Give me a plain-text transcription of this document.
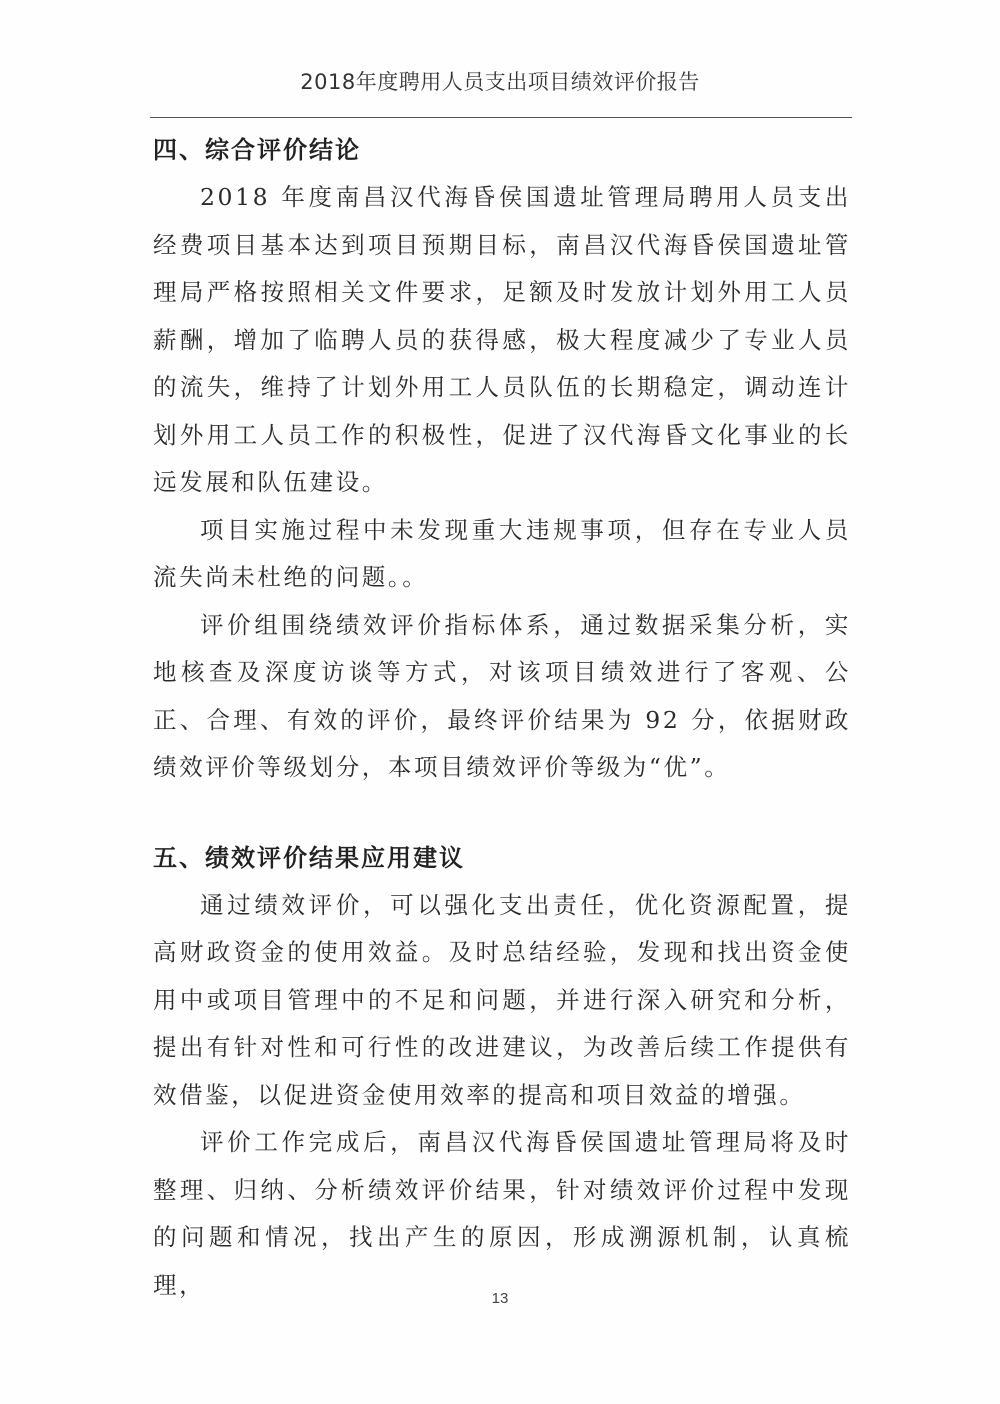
2018年度聘用人员支出项目绩效评价报告
四、综合评价结论

2018 年度南昌汉代海昏侯国遗址管理局聘用人员支出经费项目基本达到项目预期目标，南昌汉代海昏侯国遗址管理局严格按照相关文件要求，足额及时发放计划外用工人员薪酬，增加了临聘人员的获得感，极大程度减少了专业人员的流失，维持了计划外用工人员队伍的长期稳定，调动连计划外用工人员工作的积极性，促进了汉代海昏文化事业的长远发展和队伍建设。

项目实施过程中未发现重大违规事项，但存在专业人员流失尚未杜绝的问题。。

评价组围绕绩效评价指标体系，通过数据采集分析，实地核查及深度访谈等方式，对该项目绩效进行了客观、公正、合理、有效的评价，最终评价结果为 92 分，依据财政绩效评价等级划分，本项目绩效评价等级为“优”。

五、绩效评价结果应用建议

通过绩效评价，可以强化支出责任，优化资源配置，提高财政资金的使用效益。及时总结经验，发现和找出资金使用中或项目管理中的不足和问题，并进行深入研究和分析，提出有针对性和可行性的改进建议，为改善后续工作提供有效借鉴，以促进资金使用效率的提高和项目效益的增强。

评价工作完成后，南昌汉代海昏侯国遗址管理局将及时整理、归纳、分析绩效评价结果，针对绩效评价过程中发现的问题和情况，找出产生的原因，形成溯源机制，认真梳理，	13
